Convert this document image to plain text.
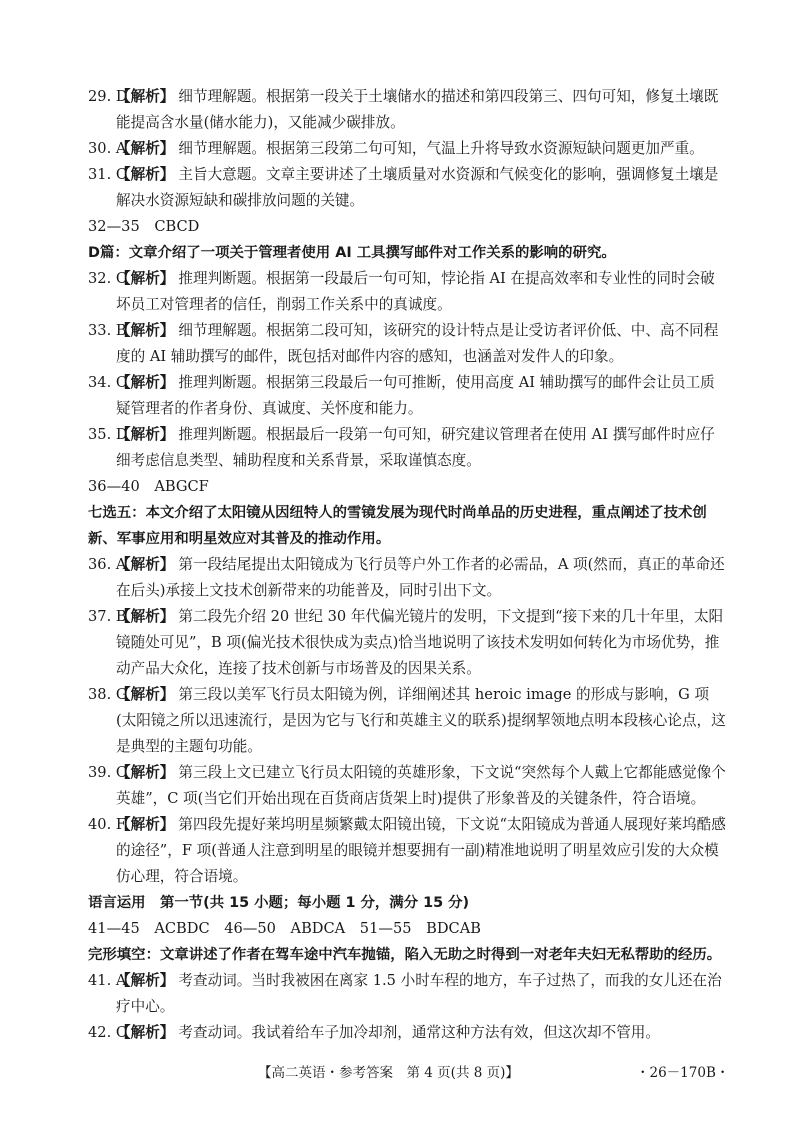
29. D
【解析】 细节理解题。根据第一段关于土壤储水的描述和第四段第三、四句可知，修复土壤既能提高含水量(储水能力)，又能减少碳排放。
30. A
【解析】 细节理解题。根据第三段第二句可知，气温上升将导致水资源短缺问题更加严重。
31. C
【解析】 主旨大意题。文章主要讲述了土壤质量对水资源和气候变化的影响，强调修复土壤是解决水资源短缺和碳排放问题的关键。
32—35　CBCD
D篇：文章介绍了一项关于管理者使用 AI 工具撰写邮件对工作关系的影响的研究。
32. C
【解析】 推理判断题。根据第一段最后一句可知，悖论指 AI 在提高效率和专业性的同时会破坏员工对管理者的信任，削弱工作关系中的真诚度。
33. B
【解析】 细节理解题。根据第二段可知，该研究的设计特点是让受访者评价低、中、高不同程度的 AI 辅助撰写的邮件，既包括对邮件内容的感知，也涵盖对发件人的印象。
34. C
【解析】 推理判断题。根据第三段最后一句可推断，使用高度 AI 辅助撰写的邮件会让员工质疑管理者的作者身份、真诚度、关怀度和能力。
35. D
【解析】 推理判断题。根据最后一段第一句可知，研究建议管理者在使用 AI 撰写邮件时应仔细考虑信息类型、辅助程度和关系背景，采取谨慎态度。
36—40　ABGCF
七选五：本文介绍了太阳镜从因纽特人的雪镜发展为现代时尚单品的历史进程，重点阐述了技术创新、军事应用和明星效应对其普及的推动作用。
36. A
【解析】 第一段结尾提出太阳镜成为飞行员等户外工作者的必需品，A 项(然而，真正的革命还在后头)承接上文技术创新带来的功能普及，同时引出下文。
37. B
【解析】 第二段先介绍 20 世纪 30 年代偏光镜片的发明，下文提到“接下来的几十年里，太阳镜随处可见”，B 项(偏光技术很快成为卖点)恰当地说明了该技术发明如何转化为市场优势，推动产品大众化，连接了技术创新与市场普及的因果关系。
38. G
【解析】 第三段以美军飞行员太阳镜为例，详细阐述其 heroic image 的形成与影响，G 项(太阳镜之所以迅速流行，是因为它与飞行和英雄主义的联系)提纲挈领地点明本段核心论点，这是典型的主题句功能。
39. C
【解析】 第三段上文已建立飞行员太阳镜的英雄形象，下文说“突然每个人戴上它都能感觉像个英雄”，C 项(当它们开始出现在百货商店货架上时)提供了形象普及的关键条件，符合语境。
40. F
【解析】 第四段先提好莱坞明星频繁戴太阳镜出镜，下文说“太阳镜成为普通人展现好莱坞酷感的途径”，F 项(普通人注意到明星的眼镜并想要拥有一副)精准地说明了明星效应引发的大众模仿心理，符合语境。
语言运用　第一节(共 15 小题；每小题 1 分，满分 15 分)
41—45　ACBDC　46—50　ABDCA　51—55　BDCAB
完形填空：文章讲述了作者在驾车途中汽车抛锚，陷入无助之时得到一对老年夫妇无私帮助的经历。
41. A
【解析】 考查动词。当时我被困在离家 1.5 小时车程的地方，车子过热了，而我的女儿还在治疗中心。
42. C
【解析】 考查动词。我试着给车子加冷却剂，通常这种方法有效，但这次却不管用。
【高二英语・参考答案　第 4 页(共 8 页)】	・26－170B・
